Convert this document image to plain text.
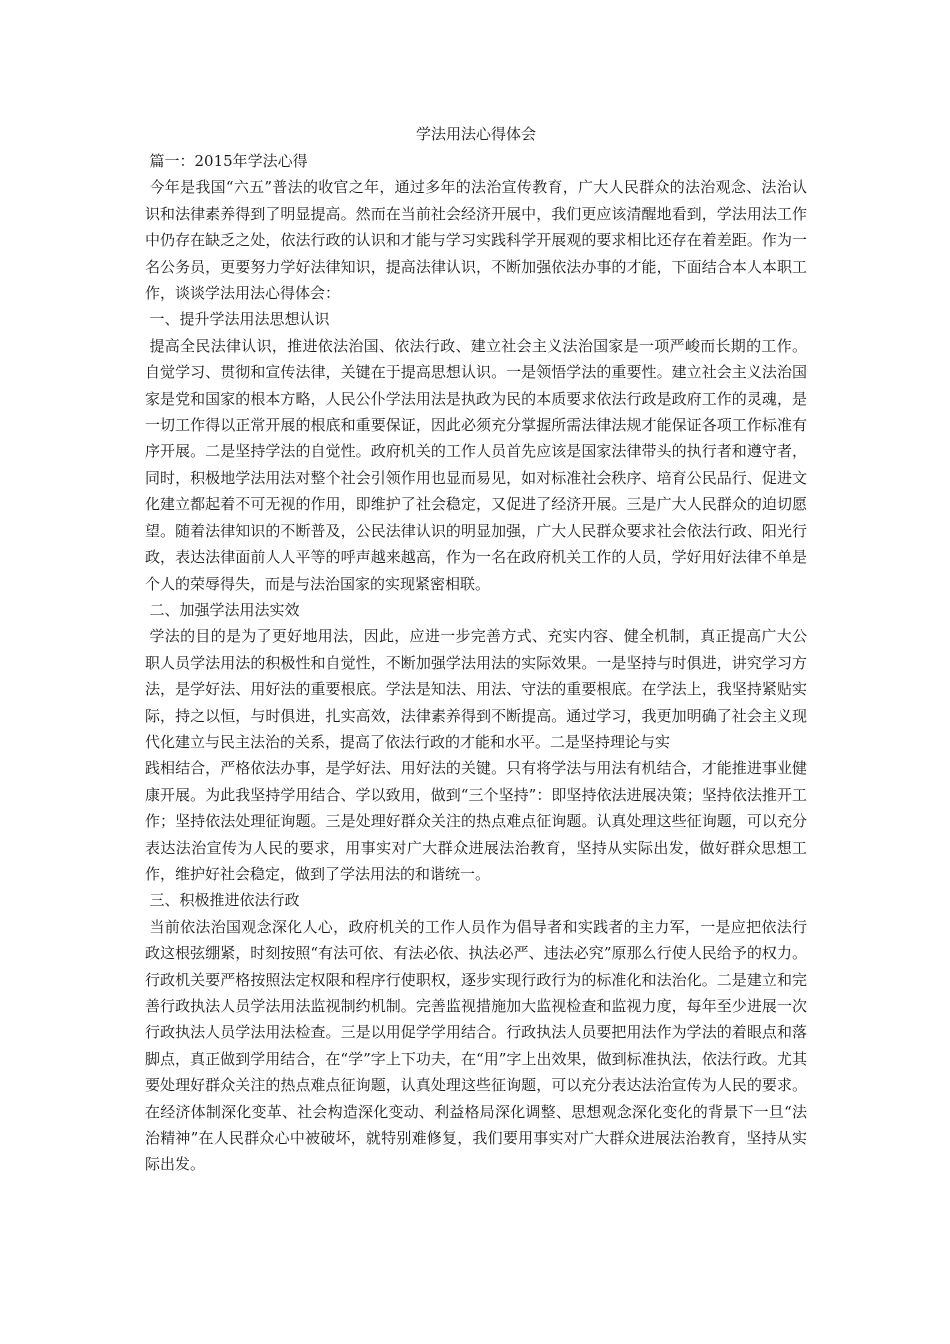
学法用法心得体会

篇一：2015年学法心得

今年是我国“六五”普法的收官之年，通过多年的法治宣传教育，广大人民群众的法治观念、法治认识和法律素养得到了明显提高。然而在当前社会经济开展中，我们更应该清醒地看到，学法用法工作中仍存在缺乏之处，依法行政的认识和才能与学习实践科学开展观的要求相比还存在着差距。作为一名公务员，更要努力学好法律知识，提高法律认识，不断加强依法办事的才能，下面结合本人本职工作，谈谈学法用法心得体会：

一、提升学法用法思想认识

提高全民法律认识，推进依法治国、依法行政、建立社会主义法治国家是一项严峻而长期的工作。自觉学习、贯彻和宣传法律，关键在于提高思想认识。一是领悟学法的重要性。建立社会主义法治国家是党和国家的根本方略，人民公仆学法用法是执政为民的本质要求依法行政是政府工作的灵魂，是一切工作得以正常开展的根底和重要保证，因此必须充分掌握所需法律法规才能保证各项工作标准有序开展。二是坚持学法的自觉性。政府机关的工作人员首先应该是国家法律带头的执行者和遵守者，同时，积极地学法用法对整个社会引领作用也显而易见，如对标准社会秩序、培育公民品行、促进文化建立都起着不可无视的作用，即维护了社会稳定，又促进了经济开展。三是广大人民群众的迫切愿望。随着法律知识的不断普及，公民法律认识的明显加强，广大人民群众要求社会依法行政、阳光行政，表达法律面前人人平等的呼声越来越高，作为一名在政府机关工作的人员，学好用好法律不单是个人的荣辱得失，而是与法治国家的实现紧密相联。

二、加强学法用法实效

学法的目的是为了更好地用法，因此，应进一步完善方式、充实内容、健全机制，真正提高广大公职人员学法用法的积极性和自觉性，不断加强学法用法的实际效果。一是坚持与时俱进，讲究学习方法，是学好法、用好法的重要根底。学法是知法、用法、守法的重要根底。在学法上，我坚持紧贴实际，持之以恒，与时俱进，扎实高效，法律素养得到不断提高。通过学习，我更加明确了社会主义现代化建立与民主法治的关系，提高了依法行政的才能和水平。二是坚持理论与实

践相结合，严格依法办事，是学好法、用好法的关键。只有将学法与用法有机结合，才能推进事业健康开展。为此我坚持学用结合、学以致用，做到“三个坚持”：即坚持依法进展决策；坚持依法推开工作；坚持依法处理征询题。三是处理好群众关注的热点难点征询题。认真处理这些征询题，可以充分表达法治宣传为人民的要求，用事实对广大群众进展法治教育，坚持从实际出发，做好群众思想工作，维护好社会稳定，做到了学法用法的和谐统一。

三、积极推进依法行政

当前依法治国观念深化人心，政府机关的工作人员作为倡导者和实践者的主力军，一是应把依法行政这根弦绷紧，时刻按照“有法可依、有法必依、执法必严、违法必究”原那么行使人民给予的权力。行政机关要严格按照法定权限和程序行使职权，逐步实现行政行为的标准化和法治化。二是建立和完善行政执法人员学法用法监视制约机制。完善监视措施加大监视检查和监视力度，每年至少进展一次行政执法人员学法用法检查。三是以用促学学用结合。行政执法人员要把用法作为学法的着眼点和落脚点，真正做到学用结合，在“学”字上下功夫，在“用”字上出效果，做到标准执法，依法行政。尤其要处理好群众关注的热点难点征询题，认真处理这些征询题，可以充分表达法治宣传为人民的要求。在经济体制深化变革、社会构造深化变动、利益格局深化调整、思想观念深化变化的背景下一旦“法治精神”在人民群众心中被破坏，就特别难修复，我们要用事实对广大群众进展法治教育，坚持从实际出发。
